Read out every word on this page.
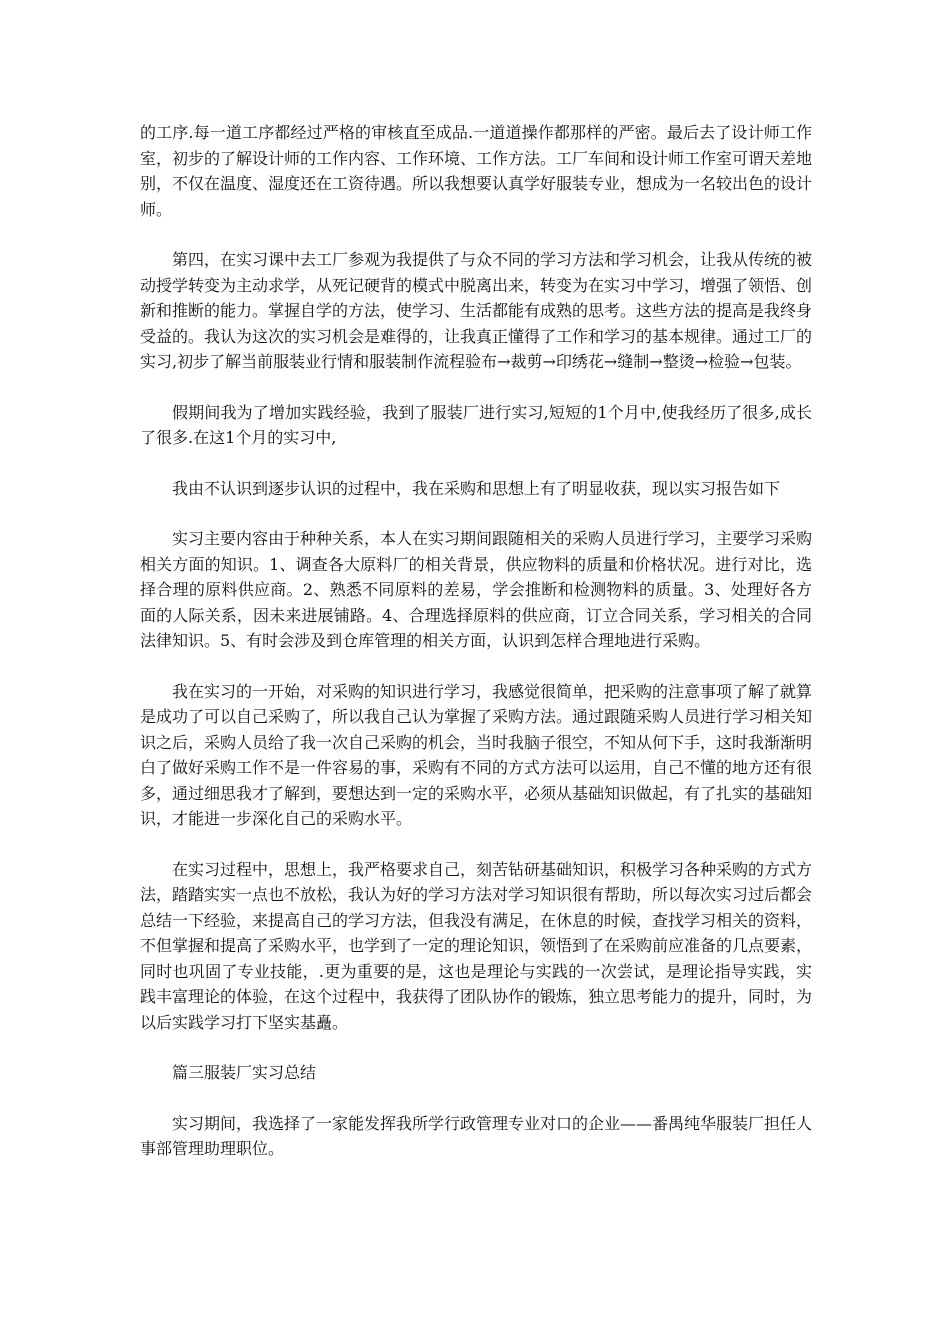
的工序.每一道工序都经过严格的审核直至成品.一道道操作都那样的严密。最后去了设计师工作室，初步的了解设计师的工作内容、工作环境、工作方法。工厂车间和设计师工作室可谓天差地别，不仅在温度、湿度还在工资待遇。所以我想要认真学好服装专业，想成为一名较出色的设计师。

第四，在实习课中去工厂参观为我提供了与众不同的学习方法和学习机会，让我从传统的被动授学转变为主动求学，从死记硬背的模式中脱离出来，转变为在实习中学习，增强了领悟、创新和推断的能力。掌握自学的方法，使学习、生活都能有成熟的思考。这些方法的提高是我终身受益的。我认为这次的实习机会是难得的，让我真正懂得了工作和学习的基本规律。通过工厂的实习,初步了解当前服装业行情和服装制作流程验布→裁剪→印绣花→缝制→整烫→检验→包装。

假期间我为了增加实践经验，我到了服装厂进行实习,短短的1个月中,使我经历了很多,成长了很多.在这1个月的实习中,

我由不认识到逐步认识的过程中，我在采购和思想上有了明显收获，现以实习报告如下

实习主要内容由于种种关系，本人在实习期间跟随相关的采购人员进行学习，主要学习采购相关方面的知识。1、调查各大原料厂的相关背景，供应物料的质量和价格状况。进行对比，选择合理的原料供应商。2、熟悉不同原料的差易，学会推断和检测物料的质量。3、处理好各方面的人际关系，因未来进展铺路。4、合理选择原料的供应商，订立合同关系，学习相关的合同法律知识。5、有时会涉及到仓库管理的相关方面，认识到怎样合理地进行采购。

我在实习的一开始，对采购的知识进行学习，我感觉很简单，把采购的注意事项了解了就算是成功了可以自己采购了，所以我自己认为掌握了采购方法。通过跟随采购人员进行学习相关知识之后，采购人员给了我一次自己采购的机会，当时我脑子很空，不知从何下手，这时我渐渐明白了做好采购工作不是一件容易的事，采购有不同的方式方法可以运用，自己不懂的地方还有很多，通过细思我才了解到，要想达到一定的采购水平，必须从基础知识做起，有了扎实的基础知识，才能进一步深化自己的采购水平。

在实习过程中，思想上，我严格要求自己，刻苦钻研基础知识，积极学习各种采购的方式方法，踏踏实实一点也不放松，我认为好的学习方法对学习知识很有帮助，所以每次实习过后都会总结一下经验，来提高自己的学习方法，但我没有满足，在休息的时候，查找学习相关的资料，不但掌握和提高了采购水平，也学到了一定的理论知识，领悟到了在采购前应准备的几点要素，同时也巩固了专业技能，.更为重要的是，这也是理论与实践的一次尝试，是理论指导实践，实践丰富理论的体验，在这个过程中，我获得了团队协作的锻炼，独立思考能力的提升，同时，为以后实践学习打下坚实基矗。

篇三服装厂实习总结

实习期间，我选择了一家能发挥我所学行政管理专业对口的企业——番禺纯华服装厂担任人事部管理助理职位。
